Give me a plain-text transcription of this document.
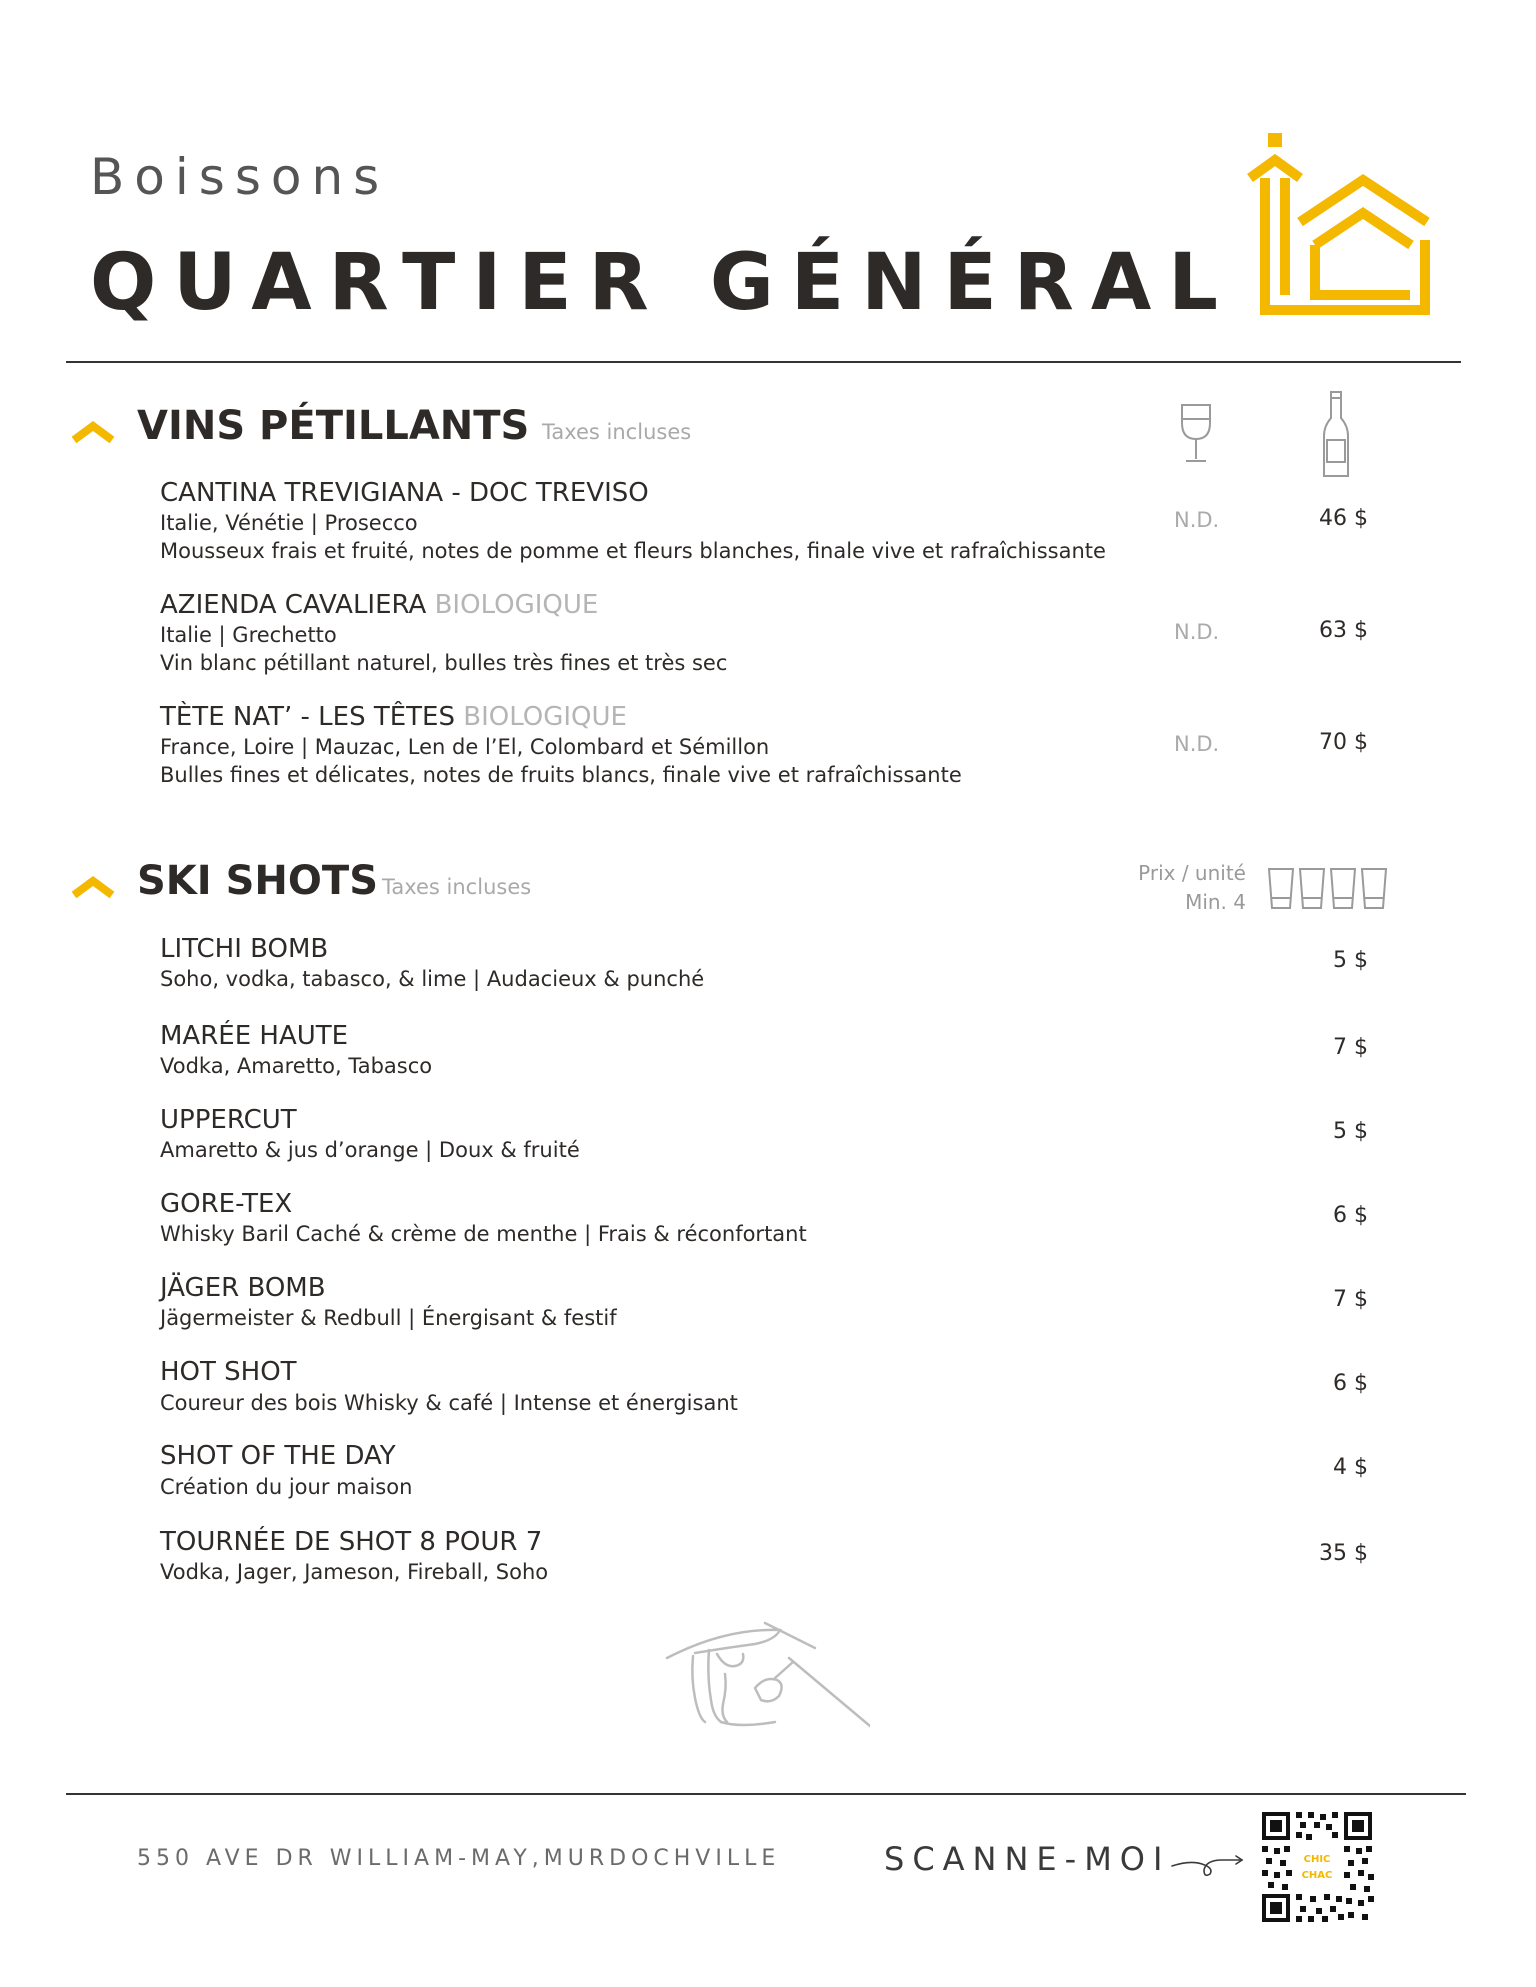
Boissons
QUARTIER GÉNÉRAL
VINS PÉTILLANTS Taxes incluses
CANTINA TREVIGIANA - DOC TREVISO
Italie, Vénétie | Prosecco
Mousseux frais et fruité, notes de pomme et fleurs blanches, finale vive et rafraîchissante
N.D.	46 $
AZIENDA CAVALIERA BIOLOGIQUE
Italie | Grechetto
Vin blanc pétillant naturel, bulles très fines et très sec
N.D.	63 $
TÈTE NAT’ - LES TÊTES BIOLOGIQUE
France, Loire | Mauzac, Len de l’El, Colombard et Sémillon
Bulles fines et délicates, notes de fruits blancs, finale vive et rafraîchissante
N.D.	70 $
SKI SHOTS Taxes incluses
Prix / unité
Min. 4
LITCHI BOMB
Soho, vodka, tabasco, & lime | Audacieux & punché
5 $
MARÉE HAUTE
Vodka, Amaretto, Tabasco
7 $
UPPERCUT
Amaretto & jus d’orange | Doux & fruité
5 $
GORE-TEX
Whisky Baril Caché & crème de menthe | Frais & réconfortant
6 $
JÄGER BOMB
Jägermeister & Redbull | Énergisant & festif
7 $
HOT SHOT
Coureur des bois Whisky & café | Intense et énergisant
6 $
SHOT OF THE DAY
Création du jour maison
4 $
TOURNÉE DE SHOT 8 POUR 7
Vodka, Jager, Jameson, Fireball, Soho
35 $
550 AVE DR WILLIAM-MAY,MURDOCHVILLE	SCANNE-MOI	CHIC
CHAC
